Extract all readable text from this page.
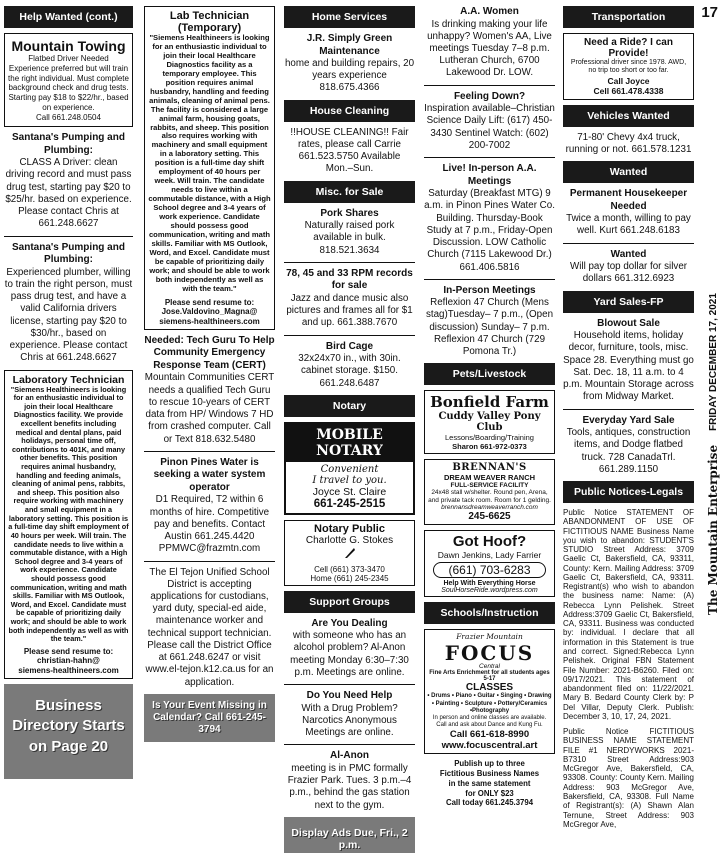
17
The Mountain Enterprise
FRIDAY DECEMBER 17, 2021
Help Wanted (cont.)
Mountain Towing
Flatbed Driver Needed
Experience preferred but will train the right individual. Must complete background check and drug tests.
Starting pay $18 to $22/hr., based on experience.
Call 661.248.0504
Santana's Pumping and Plumbing:
CLASS A Driver: clean driving record and must pass drug test, starting pay $20 to $25/hr. based on experience. Please contact Chris at 661.248.6627
Santana's Pumping and Plumbing:
Experienced plumber, willing to train the right person, must pass drug test, and have a valid California drivers license, starting pay $20 to $30/hr., based on experience. Please contact Chris at 661.248.6627
Laboratory Technician
"Siemens Healthineers is looking for an enthusiastic individual to join their local Healthcare Diagnostics facility. We provide excellent benefits including medical and dental plans, paid holidays, personal time off, contributions to 401K, and many other benefits. This position requires animal husbandry, handling and feeding animals, cleaning of animal pens, rabbits, and sheep. This position also require working with machinery and small equipment in a laboratory setting. This position is a full-time day shift employment of 40 hours per week. Will train. The candidate needs to live within a commutable distance, with a High School degree and 3-4 years of work experience. Candidate should possess good communication, writing and math skills. Familiar with MS Outlook, Word, and Excel. Candidate must be capable of prioritizing daily work; and should be able to work both independently as well as with the team."
Please send resume to:
christian-hahn@
siemens-healthineers.com
Business Directory Starts on Page 20
Lab Technician (Temporary)
"Siemens Healthineers is looking for an enthusiastic individual to join their local Healthcare Diagnostics facility as a temporary employee. This position requires animal husbandry, handling and feeding animals, cleaning of animal pens. The facility is considered a large animal farm, housing goats, rabbits, and sheep. This position also requires working with machinery and small equipment in a laboratory setting. This position is a full-time day shift employment of 40 hours per week. Will train. The candidate needs to live within a commutable distance, with a High School degree and 3-4 years of work experience. Candidate should possess good communication, writing and math skills. Familiar with MS Outlook, Word, and Excel. Candidate must be capable of prioritizing daily work; and should be able to work both independently as well as with the team."
Please send resume to:
Jose.Valdovino_Magna@
siemens-healthineers.com
Needed: Tech Guru To Help Community Emergency Response Team (CERT)
Mountain Communities CERT needs a qualified Tech Guru to rescue 10-years of CERT data from HP/ Windows 7 HD from crashed computer. Call or Text 818.632.5480
Pinon Pines Water is seeking a water system operator
D1 Required, T2 within 6 months of hire. Competitive pay and benefits. Contact Austin 661.245.4420 PPMWC@frazmtn.com
The El Tejon Unified School District is accepting applications for custodians, yard duty, special-ed aide, maintenance worker and technical support technician. Please call the District Office at 661.248.6247 or visit www.el-tejon.k12.ca.us for an application.
Is Your Event Missing in Calendar? Call 661-245-3794
Home Services
J.R. Simply Green Maintenance
home and building repairs, 20 years experience 818.675.4366
House Cleaning
!!HOUSE CLEANING!! Fair rates, please call Carrie 661.523.5750 Available Mon.–Sun.
Misc. for Sale
Pork Shares
Naturally raised pork available in bulk. 818.521.3634
78, 45 and 33 RPM records for sale
Jazz and dance music also pictures and frames all for $1 and up. 661.388.7670
Bird Cage
32x24x70 in., with 30in. cabinet storage. $150. 661.248.6487
Notary
MOBILE NOTARY
Convenient
I travel to you.
Joyce St. Claire
661-245-2515
Notary Public
Charlotte G. Stokes
Cell (661) 373-3470
Home (661) 245-2345
Support Groups
Are You Dealing
with someone who has an alcohol problem? Al-Anon meeting Monday 6:30–7:30 p.m. Meetings are online.
Do You Need Help
With a Drug Problem? Narcotics Anonymous Meetings are online.
Al-Anon
meeting is in PMC formally Frazier Park. Tues. 3 p.m.–4 p.m., behind the gas station next to the gym.
Display Ads Due, Fri., 2 p.m.
A.A. Women
Is drinking making your life unhappy? Women's AA, Live meetings Tuesday 7–8 p.m. Lutheran Church, 6700 Lakewood Dr. LOW.
Feeling Down?
Inspiration available–Christian Science Daily Lift: (617) 450-3430 Sentinel Watch: (602) 200-7002
Live! In-person A.A. Meetings
Saturday (Breakfast MTG) 9 a.m. in Pinon Pines Water Co. Building. Thursday-Book Study at 7 p.m., Friday-Open Discussion. LOW Catholic Church (7115 Lakewood Dr.) 661.406.5816
In-Person Meetings
Reflexion 47 Church (Mens stag)Tuesday– 7 p.m., (Open discussion) Sunday– 7 p.m. Reflexion 47 Church (729 Pomona Tr.)
Pets/Livestock
Bonfield Farm
Cuddy Valley Pony Club
Lessons/Boarding/Training
Sharon 661-972-0373
BRENNAN'S
DREAM WEAVER RANCH
FULL-SERVICE FACILITY
24x48 stall w/shelter. Round pen, Arena, and private tack room. Room for 1 gelding.
brennansdreamweaverranch.com
245-6625
Got Hoof?
Dawn Jenkins, Lady Farrier
(661) 703-6283
Help With Everything Horse
SoulHorseRide.wordpress.com
Schools/Instruction
Frazier Mountain
FOCUS
Central
Fine Arts Enrichment for all students ages 5-17
CLASSES
• Drums • Piano • Guitar • Singing • Drawing • Painting • Sculpture • Pottery/Ceramics •Photography
In person and online classes are available. Call and ask about Dance and Kung Fu.
Call 661-618-8990
www.focuscentral.art
Publish up to three
Fictitious Business Names
in the same statement
for ONLY $23
Call today 661.245.3794
Transportation
Need a Ride? I can Provide!
Professional driver since 1978. AWD, no trip too short or too far.
Call Joyce
Cell 661.478.4338
Vehicles Wanted
71-80' Chevy 4x4 truck, running or not. 661.578.1231
Wanted
Permanent Housekeeper Needed
Twice a month, willing to pay well. Kurt 661.248.6183
Wanted
Will pay top dollar for silver dollars 661.312.6923
Yard Sales-FP
Blowout Sale
Household items, holiday decor, furniture, tools, misc. Space 28. Everything must go Sat. Dec. 18, 11 a.m. to 4 p.m. Mountain Storage across from Midway Market.
Everyday Yard Sale
Tools, antiques, construction items, and Dodge flatbed truck. 728 CanadaTrl. 661.289.1150
Public Notices-Legals
Public Notice STATEMENT OF ABANDONMENT OF USE OF FICTITIOUS NAME Business Name you wish to abandon: STUDENT'S STUDIO Street Address: 3709 Gaelic Ct, Bakersfield, CA, 93311, County: Kern. Mailing Address: 3709 Gaelic Ct, Bakersfield, CA, 93311. Registrant(s) who wish to abandon the business name: Name: (A) Rebecca Lynn Pelishek. Street Address:3709 Gaelic Ct, Bakersfield, CA, 93311. Business was conducted by: individual. I declare that all information in this Statement is true and correct. Signed:Rebecca Lynn Pelishek. Original FBN Statement File Number: 2021-B6260. Filed on: 09/17/2021. This statement of abandonment filed on: 11/22/2021. Mary B. Bedard County Clerk by: P Del Villar, Deputy Clerk. Publish: December 3, 10, 17, 24, 2021.
Public Notice FICTITIOUS BUSINESS NAME STATEMENT FILE #1 NERDYWORKS 2021-B7310 Street Address:903 McGregor Ave, Bakersfield, CA, 93308. County: County Kern. Mailing Address: 903 McGregor Ave, Bakersfield, CA, 93308. Full Name of Registrant(s): (A) Shawn Alan Ternune, Street Address: 903 McGregor Ave,
